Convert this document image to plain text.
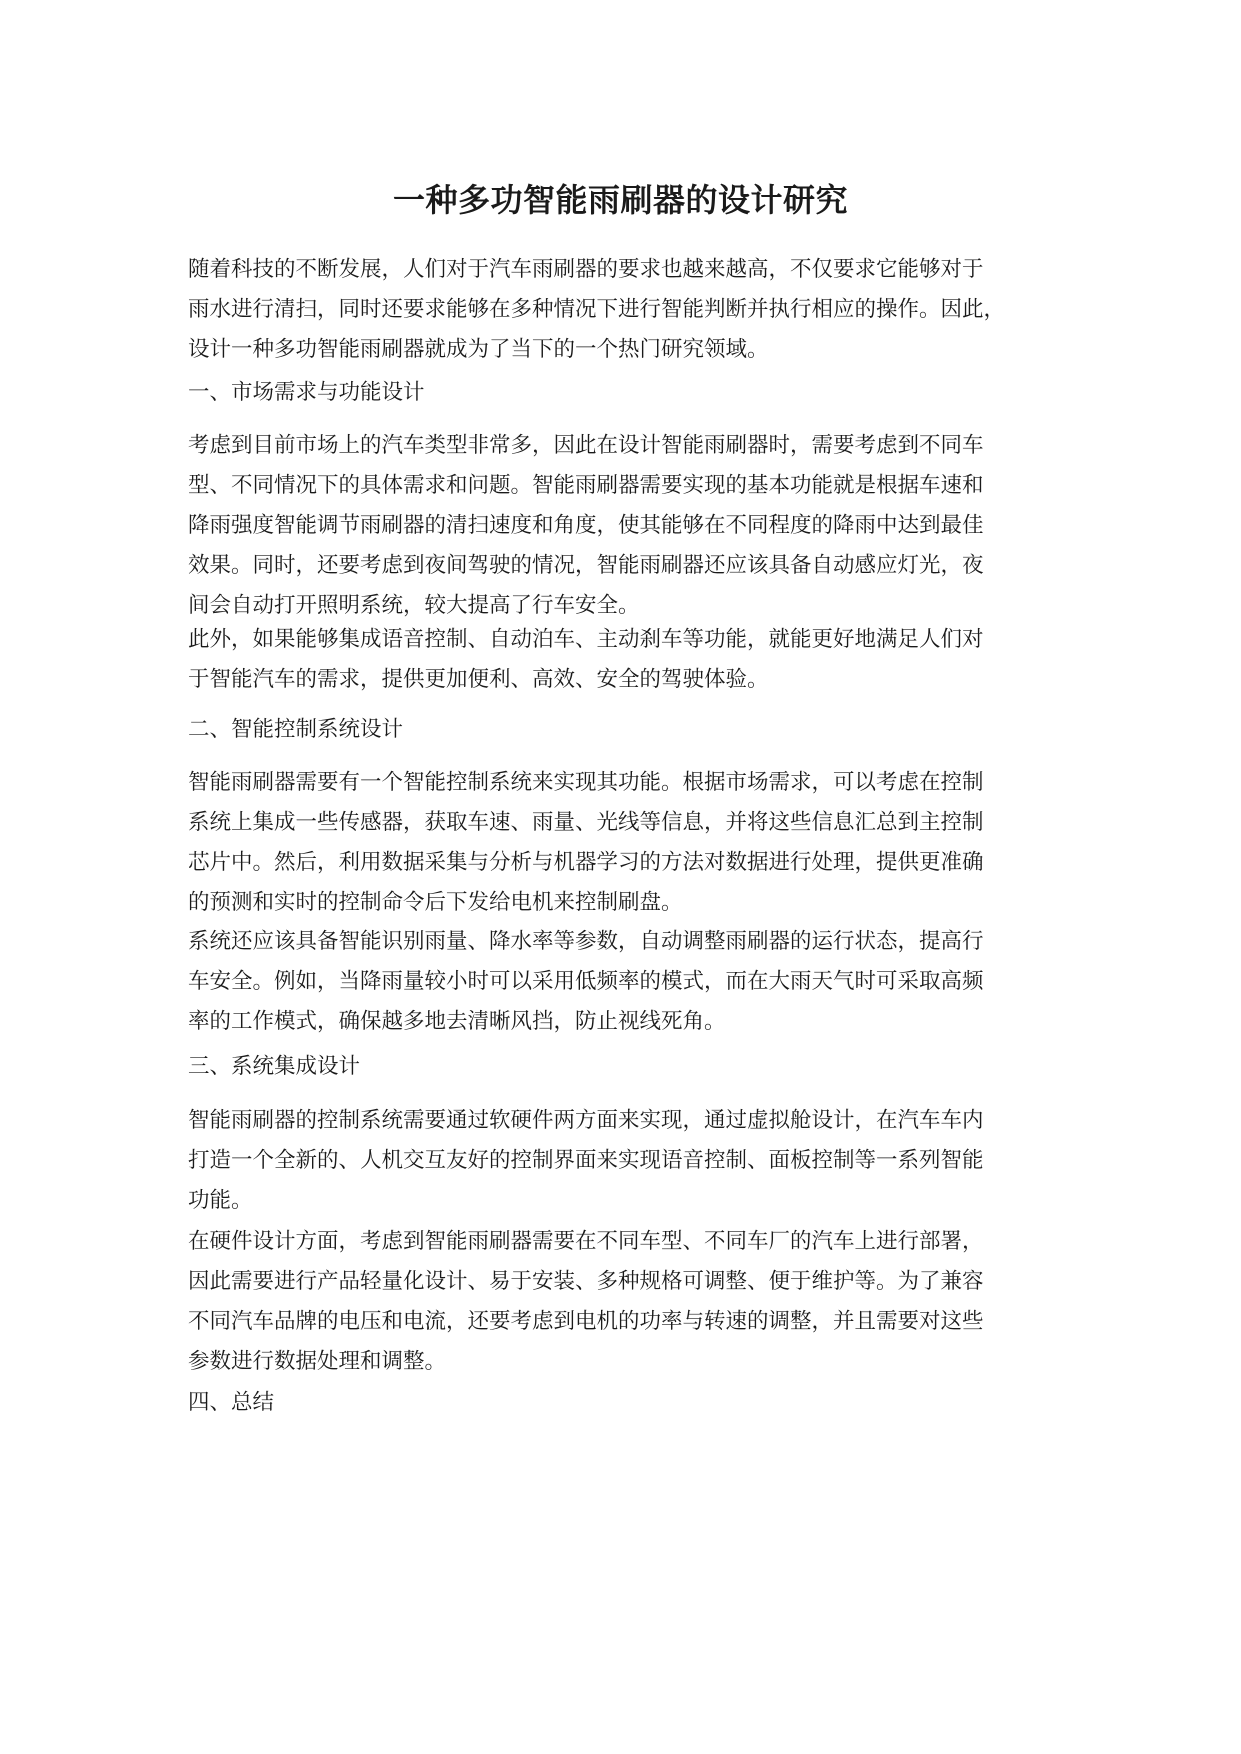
一种多功智能雨刷器的设计研究
随着科技的不断发展，人们对于汽车雨刷器的要求也越来越高，不仅要求它能够对于
雨水进行清扫，同时还要求能够在多种情况下进行智能判断并执行相应的操作。因此，
设计一种多功智能雨刷器就成为了当下的一个热门研究领域。
一、市场需求与功能设计
考虑到目前市场上的汽车类型非常多，因此在设计智能雨刷器时，需要考虑到不同车
型、不同情况下的具体需求和问题。智能雨刷器需要实现的基本功能就是根据车速和
降雨强度智能调节雨刷器的清扫速度和角度，使其能够在不同程度的降雨中达到最佳
效果。同时，还要考虑到夜间驾驶的情况，智能雨刷器还应该具备自动感应灯光，夜
间会自动打开照明系统，较大提高了行车安全。
此外，如果能够集成语音控制、自动泊车、主动刹车等功能，就能更好地满足人们对
于智能汽车的需求，提供更加便利、高效、安全的驾驶体验。
二、智能控制系统设计
智能雨刷器需要有一个智能控制系统来实现其功能。根据市场需求，可以考虑在控制
系统上集成一些传感器，获取车速、雨量、光线等信息，并将这些信息汇总到主控制
芯片中。然后，利用数据采集与分析与机器学习的方法对数据进行处理，提供更准确
的预测和实时的控制命令后下发给电机来控制刷盘。
系统还应该具备智能识别雨量、降水率等参数，自动调整雨刷器的运行状态，提高行
车安全。例如，当降雨量较小时可以采用低频率的模式，而在大雨天气时可采取高频
率的工作模式，确保越多地去清晰风挡，防止视线死角。
三、系统集成设计
智能雨刷器的控制系统需要通过软硬件两方面来实现，通过虚拟舱设计，在汽车车内
打造一个全新的、人机交互友好的控制界面来实现语音控制、面板控制等一系列智能
功能。
在硬件设计方面，考虑到智能雨刷器需要在不同车型、不同车厂的汽车上进行部署，
因此需要进行产品轻量化设计、易于安装、多种规格可调整、便于维护等。为了兼容
不同汽车品牌的电压和电流，还要考虑到电机的功率与转速的调整，并且需要对这些
参数进行数据处理和调整。
四、总结
